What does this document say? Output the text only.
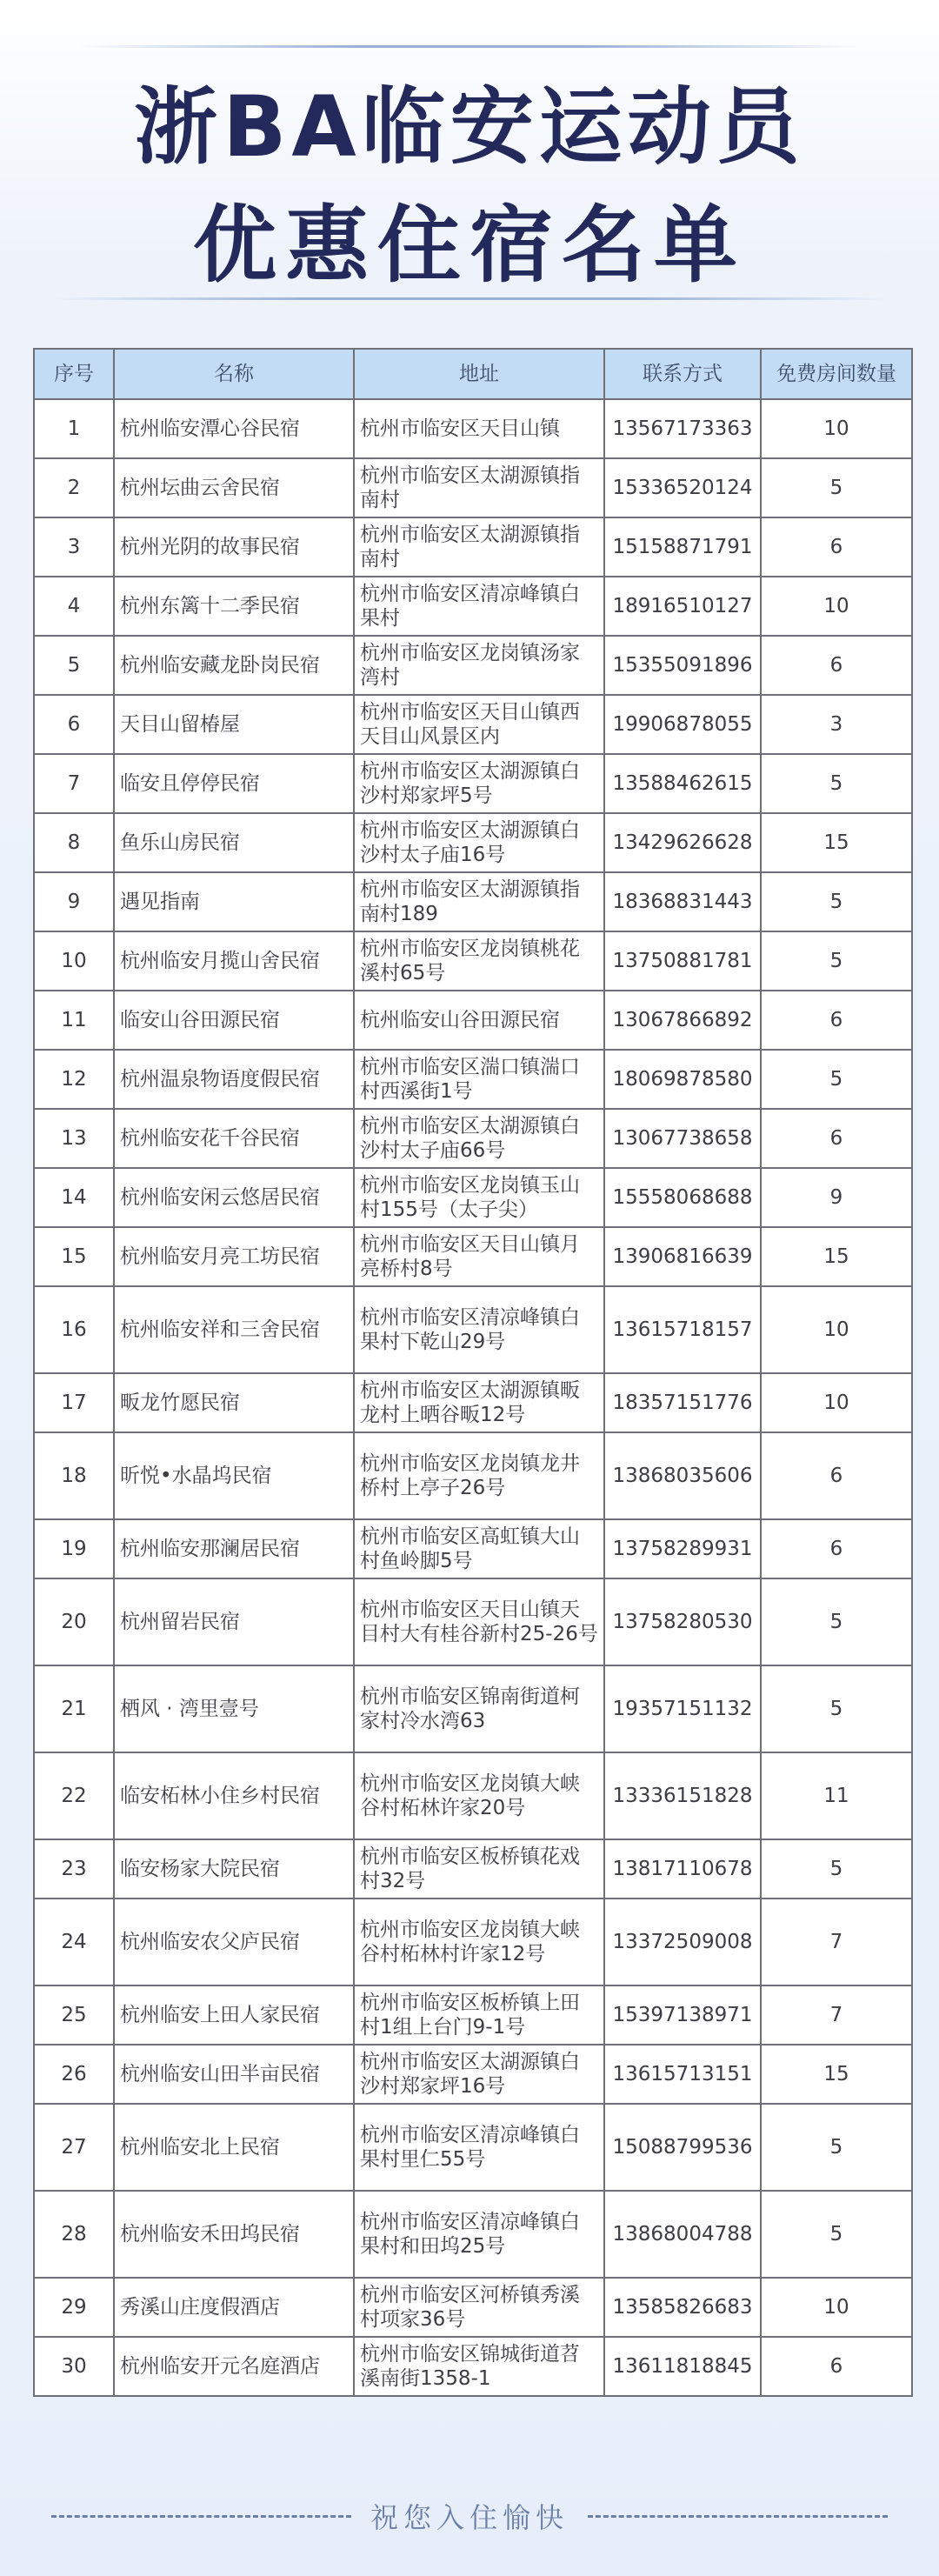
浙BA临安运动员
优惠住宿名单
序号	名称	地址	联系方式	免费房间数量
1	杭州临安潭心谷民宿	杭州市临安区天目山镇	13567173363	10
2	杭州坛曲云舍民宿	杭州市临安区太湖源镇指南村	15336520124	5
3	杭州光阴的故事民宿	杭州市临安区太湖源镇指南村	15158871791	6
4	杭州东篱十二季民宿	杭州市临安区清凉峰镇白果村	18916510127	10
5	杭州临安藏龙卧岗民宿	杭州市临安区龙岗镇汤家湾村	15355091896	6
6	天目山留椿屋	杭州市临安区天目山镇西天目山风景区内	19906878055	3
7	临安且停停民宿	杭州市临安区太湖源镇白沙村郑家坪5号	13588462615	5
8	鱼乐山房民宿	杭州市临安区太湖源镇白沙村太子庙16号	13429626628	15
9	遇见指南	杭州市临安区太湖源镇指南村189	18368831443	5
10	杭州临安月揽山舍民宿	杭州市临安区龙岗镇桃花溪村65号	13750881781	5
11	临安山谷田源民宿	杭州临安山谷田源民宿	13067866892	6
12	杭州温泉物语度假民宿	杭州市临安区湍口镇湍口村西溪街1号	18069878580	5
13	杭州临安花千谷民宿	杭州市临安区太湖源镇白沙村太子庙66号	13067738658	6
14	杭州临安闲云悠居民宿	杭州市临安区龙岗镇玉山村155号（太子尖）	15558068688	9
15	杭州临安月亮工坊民宿	杭州市临安区天目山镇月亮桥村8号	13906816639	15
16	杭州临安祥和三舍民宿	杭州市临安区清凉峰镇白果村下乾山29号	13615718157	10
17	畈龙竹愿民宿	杭州市临安区太湖源镇畈龙村上晒谷畈12号	18357151776	10
18	昕悦•水晶坞民宿	杭州市临安区龙岗镇龙井桥村上亭子26号	13868035606	6
19	杭州临安那澜居民宿	杭州市临安区高虹镇大山村鱼岭脚5号	13758289931	6
20	杭州留岩民宿	杭州市临安区天目山镇天目村大有桂谷新村25-26号	13758280530	5
21	栖风 · 湾里壹号	杭州市临安区锦南街道柯家村冷水湾63	19357151132	5
22	临安柘林小住乡村民宿	杭州市临安区龙岗镇大峡谷村柘林许家20号	13336151828	11
23	临安杨家大院民宿	杭州市临安区板桥镇花戏村32号	13817110678	5
24	杭州临安农父庐民宿	杭州市临安区龙岗镇大峡谷村柘林村许家12号	13372509008	7
25	杭州临安上田人家民宿	杭州市临安区板桥镇上田村1组上台门9-1号	15397138971	7
26	杭州临安山田半亩民宿	杭州市临安区太湖源镇白沙村郑家坪16号	13615713151	15
27	杭州临安北上民宿	杭州市临安区清凉峰镇白果村里仁55号	15088799536	5
28	杭州临安禾田坞民宿	杭州市临安区清凉峰镇白果村和田坞25号	13868004788	5
29	秀溪山庄度假酒店	杭州市临安区河桥镇秀溪村项家36号	13585826683	10
30	杭州临安开元名庭酒店	杭州市临安区锦城街道苕溪南街1358-1	13611818845	6
祝您入住愉快
